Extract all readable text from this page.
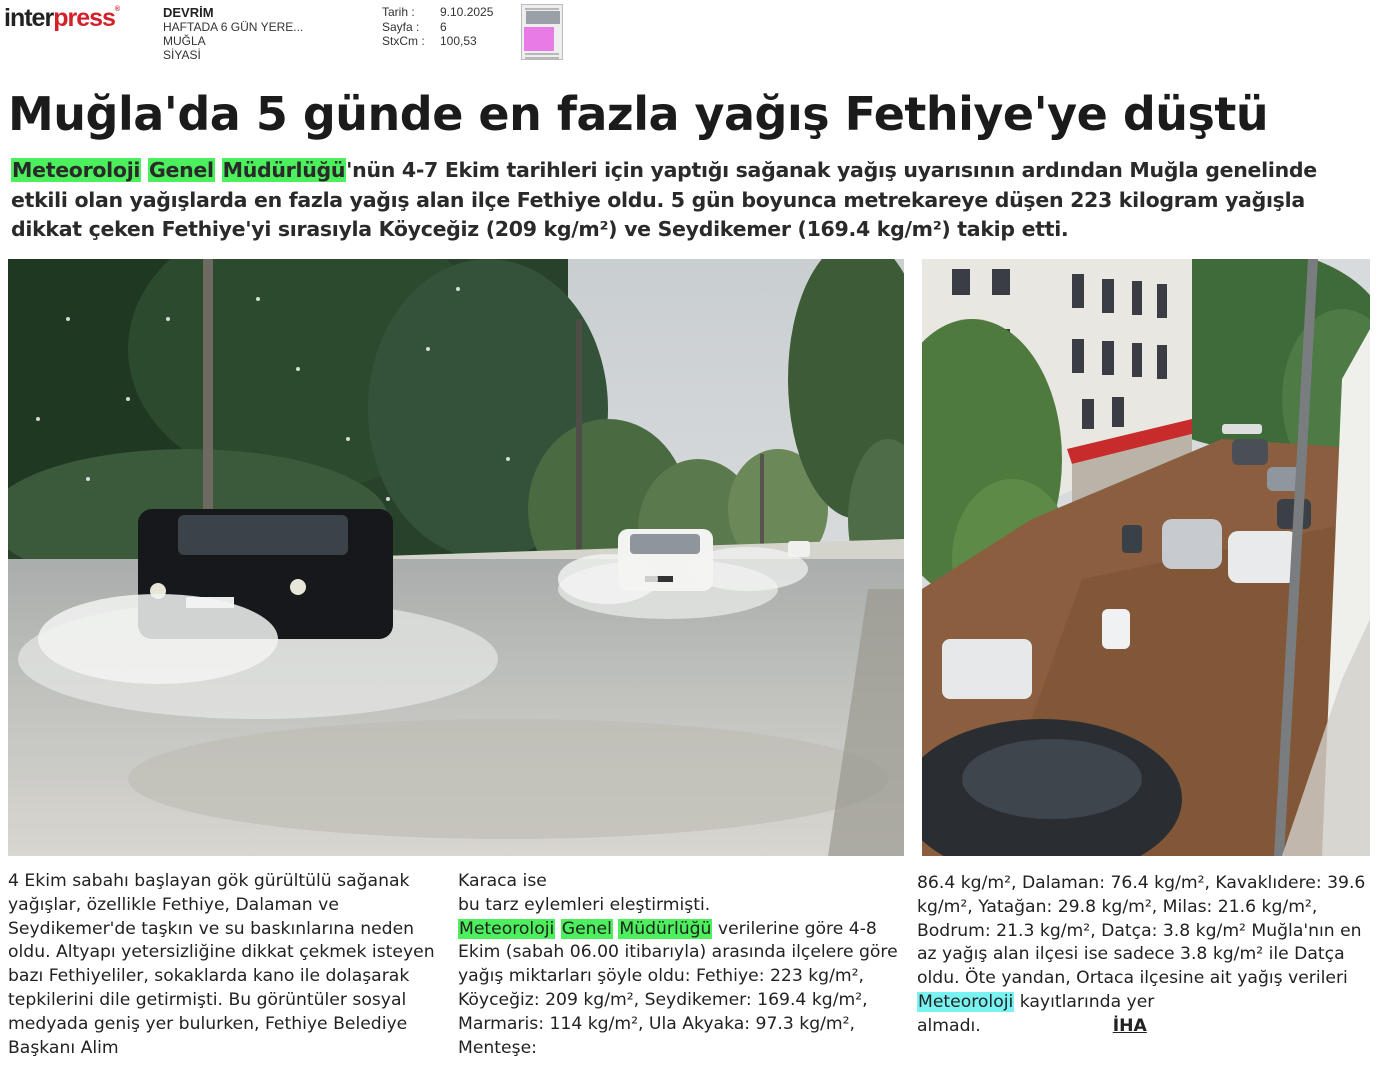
interpress®	DEVRİM
HAFTADA 6 GÜN YERE...
MUĞLA
SİYASİ
Tarih :	9.10.2025
Sayfa :	6
StxCm :	100,53
Muğla'da 5 günde en fazla yağış Fethiye'ye düştü

Meteoroloji Genel Müdürlüğü'nün 4-7 Ekim tarihleri için yaptığı sağanak yağış uyarısının ardından Muğla genelinde etkili olan yağışlarda en fazla yağış alan ilçe Fethiye oldu. 5 gün boyunca metrekareye düşen 223 kilogram yağışla dikkat çeken Fethiye'yi sırasıyla Köyceğiz (209 kg/m²) ve Seydikemer (169.4 kg/m²) takip etti.

4 Ekim sabahı başlayan gök gürültülü sağanak yağışlar, özellikle Fethiye, Dalaman ve Seydikemer'de taşkın ve su baskınlarına neden oldu. Altyapı yetersizliğine dikkat çekmek isteyen bazı Fethiyeliler, sokaklarda kano ile dolaşarak tepkilerini dile getirmişti. Bu görüntüler sosyal medyada geniş yer bulurken, Fethiye Belediye Başkanı Alim

Karaca ise

bu tarz eylemleri eleştirmişti.

Meteoroloji Genel Müdürlüğü verilerine göre 4-8 Ekim (sabah 06.00 itibarıyla) arasında ilçelere göre yağış miktarları şöyle oldu: Fethiye: 223 kg/m², Köyceğiz: 209 kg/m², Seydikemer: 169.4 kg/m², Marmaris: 114 kg/m², Ula Akyaka: 97.3 kg/m², Menteşe:

86.4 kg/m², Dalaman: 76.4 kg/m², Kavaklıdere: 39.6 kg/m², Yatağan: 29.8 kg/m², Milas: 21.6 kg/m², Bodrum: 21.3 kg/m², Datça: 3.8 kg/m² Muğla'nın en az yağış alan ilçesi ise sadece 3.8 kg/m² ile Datça oldu. Öte yandan, Ortaca ilçesine ait yağış verileri Meteoroloji kayıtlarında yer almadı.	İHA
